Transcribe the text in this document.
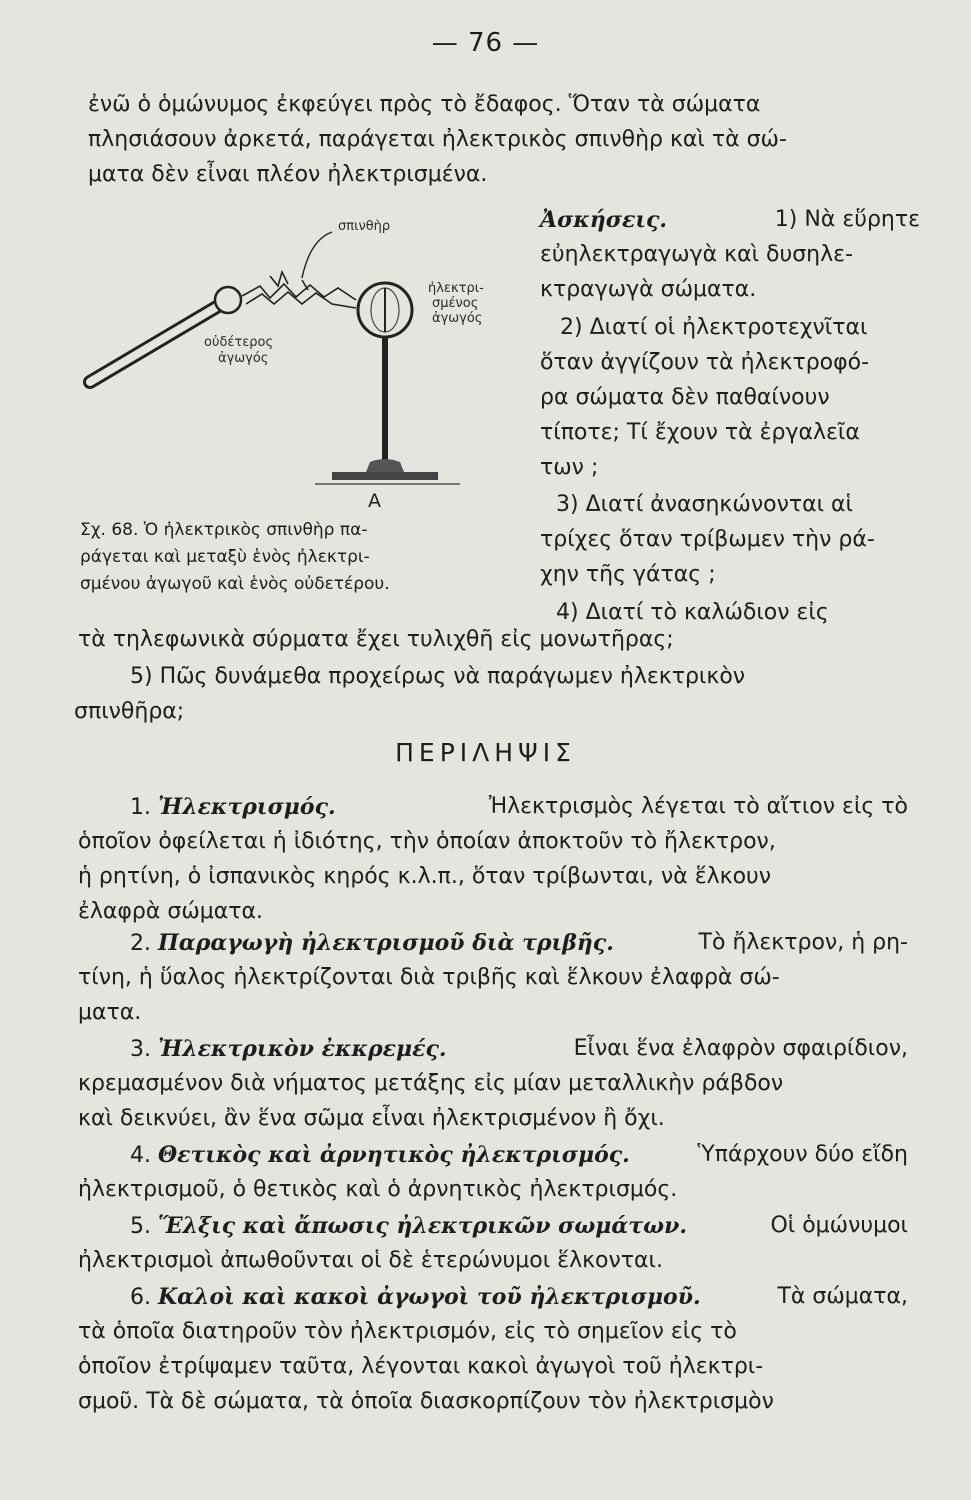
— 76 —
ἐνῶ ὁ ὁμώνυμος ἐκφεύγει πρὸς τὸ ἔδαφος. Ὅταν τὰ σώματα
πλησιάσουν ἀρκετά, παράγεται ἠλεκτρικὸς σπινθὴρ καὶ τὰ σώ-
ματα δὲν εἶναι πλέον ἠλεκτρισμένα.
σπινθὴρ
ἠλεκτρι-
σμένος
ἀγωγός
οὐδέτερος
ἀγωγός
A
Σχ. 68. Ὁ ἠλεκτρικὸς σπινθὴρ πα-
ράγεται καὶ μεταξὺ ἑνὸς ἠλεκτρι-
σμένου ἀγωγοῦ καὶ ἑνὸς οὐδετέρου.
Ἀσκήσεις.	1) Νὰ εὕρητε
εὐηλεκτραγωγὰ καὶ δυσηλε-
κτραγωγὰ σώματα.
2) Διατί οἱ ἠλεκτροτεχνῖται
ὅταν ἀγγίζουν τὰ ἠλεκτροφό-
ρα σώματα δὲν παθαίνουν
τίποτε; Τί ἔχουν τὰ ἐργαλεῖα
των ;
3) Διατί ἀνασηκώνονται αἱ
τρίχες ὅταν τρίβωμεν τὴν ρά-
χην τῆς γάτας ;
4) Διατί τὸ καλώδιον εἰς
τὰ τηλεφωνικὰ σύρματα ἔχει τυλιχθῆ εἰς μονωτῆρας;
5) Πῶς δυνάμεθα προχείρως νὰ παράγωμεν ἠλεκτρικὸν
σπινθῆρα;
ΠΕΡΙΛΗΨΙΣ
1. Ἠλεκτρισμός.	Ἠλεκτρισμὸς λέγεται τὸ αἴτιον εἰς τὸ
ὁποῖον ὀφείλεται ἡ ἰδιότης, τὴν ὁποίαν ἀποκτοῦν τὸ ἤλεκτρον,
ἡ ρητίνη, ὁ ἰσπανικὸς κηρός κ.λ.π., ὅταν τρίβωνται, νὰ ἕλκουν
ἐλαφρὰ σώματα.
2. Παραγωγὴ ἠλεκτρισμοῦ διὰ τριβῆς.	Τὸ ἤλεκτρον, ἡ ρη-
τίνη, ἡ ὕαλος ἠλεκτρίζονται διὰ τριβῆς καὶ ἕλκουν ἐλαφρὰ σώ-
ματα.
3. Ἠλεκτρικὸν ἐκκρεμές.	Εἶναι ἕνα ἐλαφρὸν σφαιρίδιον,
κρεμασμένον διὰ νήματος μετάξης εἰς μίαν μεταλλικὴν ράβδον
καὶ δεικνύει, ἂν ἕνα σῶμα εἶναι ἠλεκτρισμένον ἢ ὄχι.
4. Θετικὸς καὶ ἀρνητικὸς ἠλεκτρισμός.	Ὑπάρχουν δύο εἴδη
ἠλεκτρισμοῦ, ὁ θετικὸς καὶ ὁ ἀρνητικὸς ἠλεκτρισμός.
5. Ἕλξις καὶ ἄπωσις ἠλεκτρικῶν σωμάτων.	Οἱ ὁμώνυμοι
ἠλεκτρισμοὶ ἀπωθοῦνται οἱ δὲ ἑτερώνυμοι ἕλκονται.
6. Καλοὶ καὶ κακοὶ ἀγωγοὶ τοῦ ἠλεκτρισμοῦ.	Τὰ σώματα,
τὰ ὁποῖα διατηροῦν τὸν ἠλεκτρισμόν, εἰς τὸ σημεῖον εἰς τὸ
ὁποῖον ἐτρίψαμεν ταῦτα, λέγονται κακοὶ ἀγωγοὶ τοῦ ἠλεκτρι-
σμοῦ. Τὰ δὲ σώματα, τὰ ὁποῖα διασκορπίζουν τὸν ἠλεκτρισμὸν
